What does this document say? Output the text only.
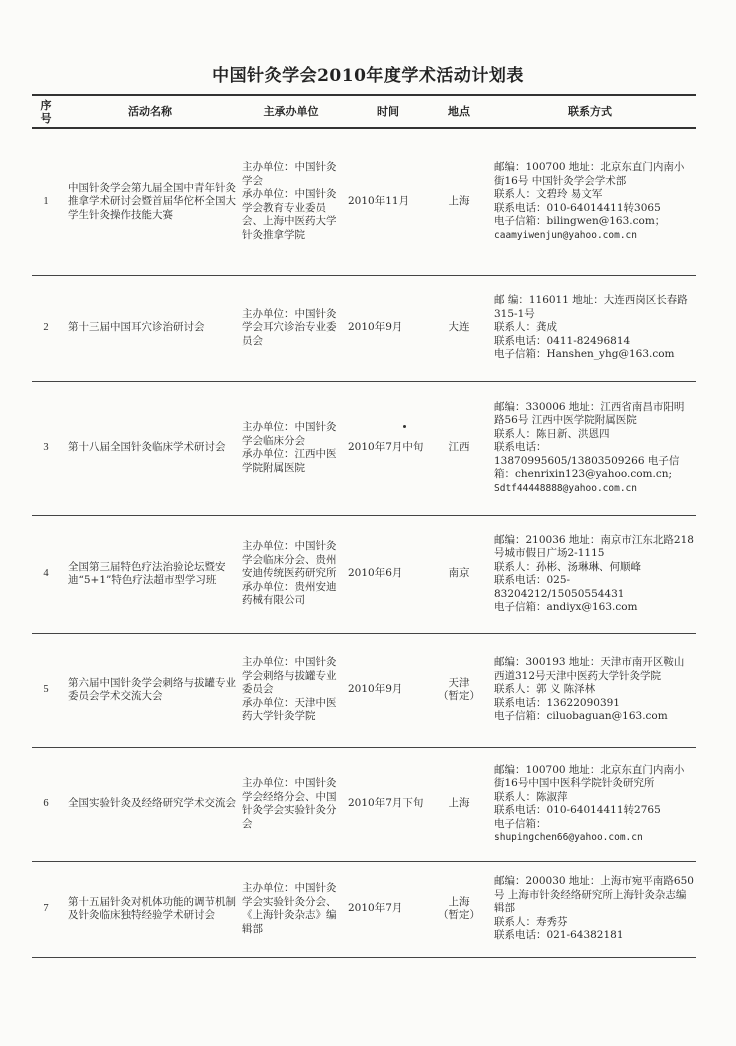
中国针灸学会2010年度学术活动计划表
序
号	活动名称	主承办单位	时间	地点	联系方式
1	中国针灸学会第九届全国中青年针灸推拿学术研讨会暨首届华佗杯全国大学生针灸操作技能大赛	主办单位：中国针灸学会
承办单位：中国针灸学会教育专业委员会、上海中医药大学针灸推拿学院	2010年11月	上海	邮编：100700 地址：北京东直门内南小街16号 中国针灸学会学术部
联系人：文碧玲 易文军
联系电话：010-64014411转3065
电子信箱：bilingwen@163.com；
caamyiwenjun@yahoo.com.cn

2	第十三届中国耳穴诊治研讨会	主办单位：中国针灸学会耳穴诊治专业委员会	2010年9月	大连	邮 编：116011 地址：大连西岗区长春路315-1号
联系人：龚成
联系电话：0411-82496814
电子信箱：Hanshen_yhg@163.com

3	第十八届全国针灸临床学术研讨会	主办单位：中国针灸学会临床分会
承办单位：江西中医学院附属医院	2010年7月中旬	江西	邮编：330006 地址：江西省南昌市阳明路56号 江西中医学院附属医院
联系人：陈日新、洪恩四
联系电话：13870995605/13803509266 电子信箱：chenrixin123@yahoo.com.cn;
Sdtf44448888@yahoo.com.cn

4	全国第三届特色疗法治验论坛暨安迪“5+1”特色疗法超市型学习班	主办单位：中国针灸学会临床分会、贵州安迪传统医药研究所
承办单位：贵州安迪药械有限公司	2010年6月	南京	邮编：210036 地址：南京市江东北路218号城市假日广场2-1115
联系人：孙彬、汤琳琳、何顺峰
联系电话：025-83204212/15050554431
电子信箱：andiyx@163.com

5	第六届中国针灸学会刺络与拔罐专业委员会学术交流大会	主办单位：中国针灸学会刺络与拔罐专业委员会
承办单位：天津中医药大学针灸学院	2010年9月	天津
（暂定）	邮编：300193 地址：天津市南开区鞍山西道312号天津中医药大学针灸学院
联系人：郭 义 陈泽林
联系电话：13622090391
电子信箱：ciluobaguan@163.com

6	全国实验针灸及经络研究学术交流会	主办单位：中国针灸学会经络分会、中国针灸学会实验针灸分会	2010年7月下旬	上海	邮编：100700 地址：北京东直门内南小街16号中国中医科学院针灸研究所
联系人：陈淑萍
联系电话：010-64014411转2765
电子信箱：
shupingchen66@yahoo.com.cn

7	第十五届针灸对机体功能的调节机制及针灸临床独特经验学术研讨会	主办单位：中国针灸学会实验针灸分会、《上海针灸杂志》编辑部	2010年7月	上海
（暂定）	邮编：200030 地址：上海市宛平南路650号 上海市针灸经络研究所上海针灸杂志编辑部
联系人：寿秀芬
联系电话：021-64382181
